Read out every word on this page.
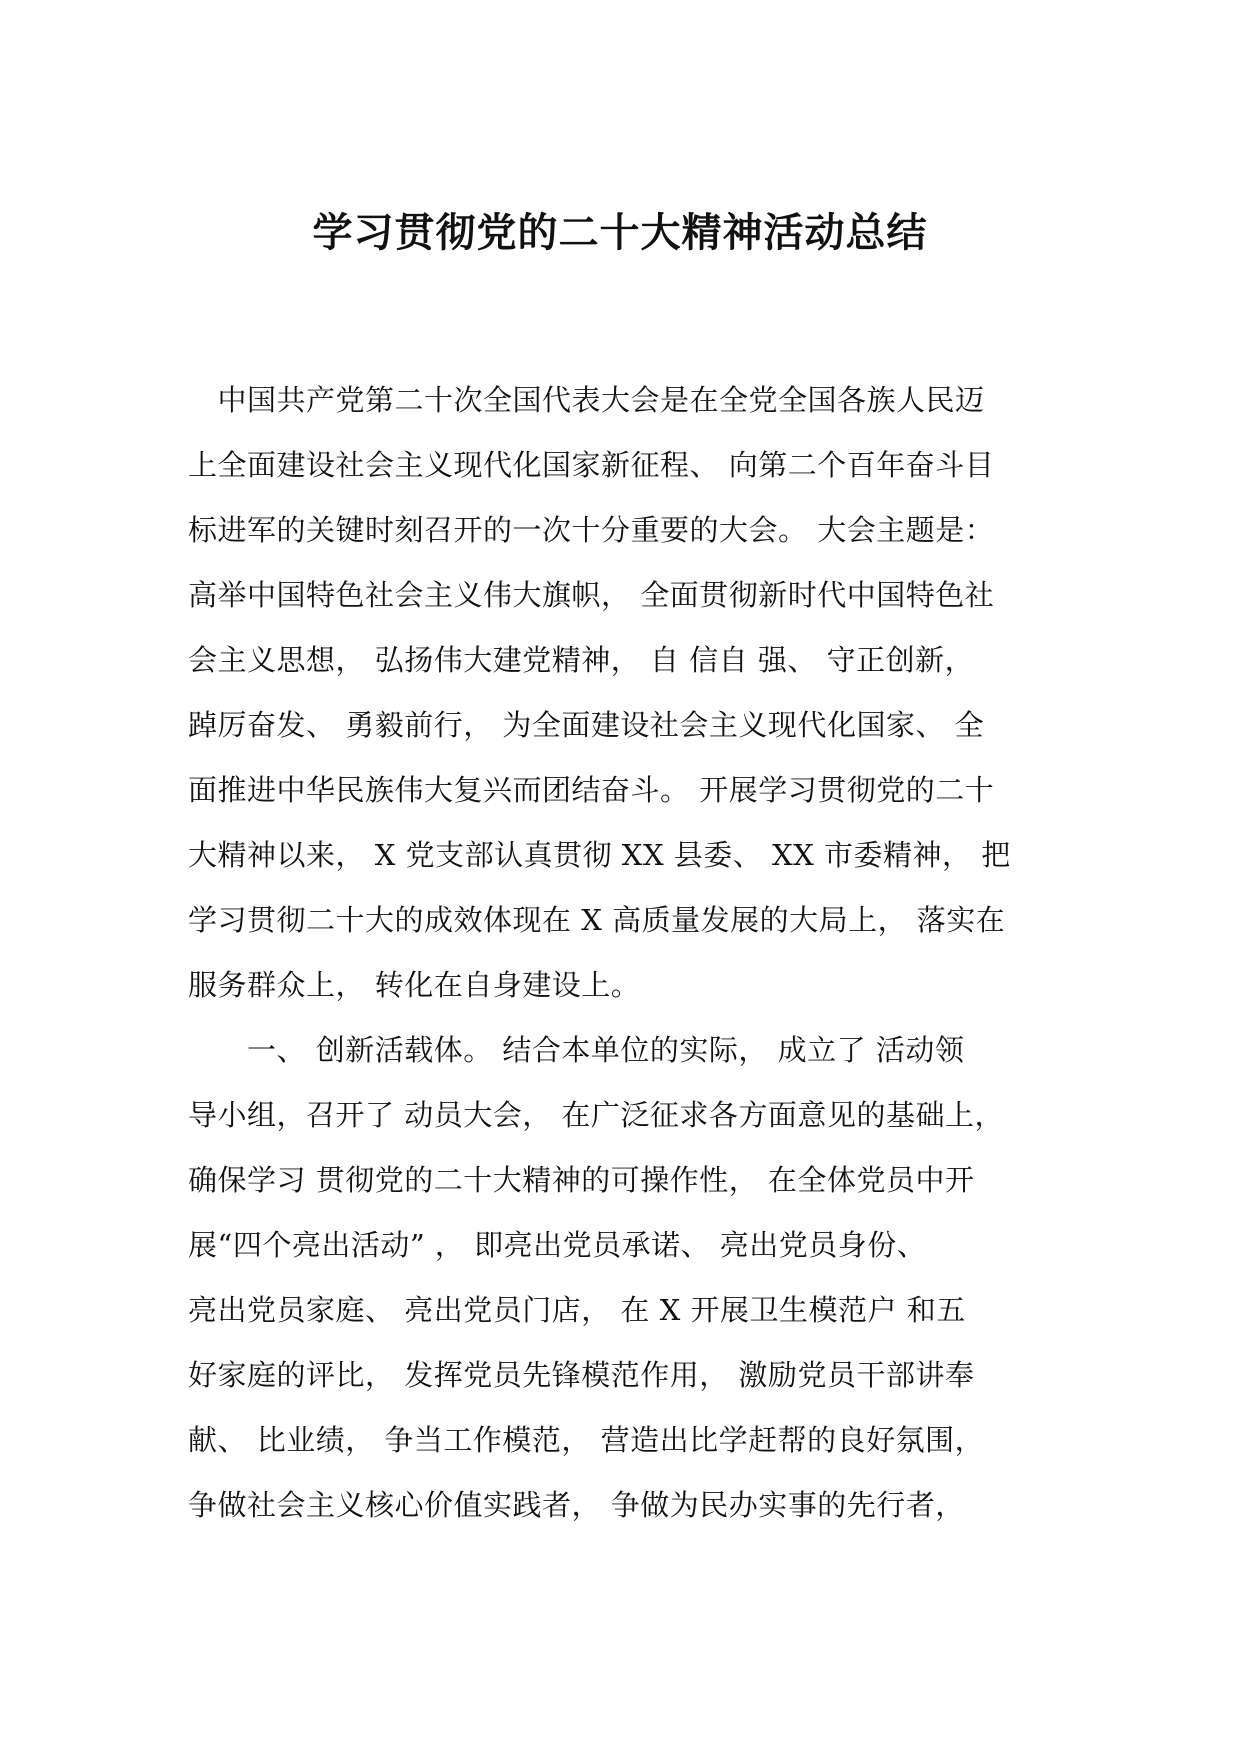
学习贯彻党的二十大精神活动总结
　中国共产党第二十次全国代表大会是在全党全国各族人民迈
上全面建设社会主义现代化国家新征程、 向第二个百年奋斗目
标进军的关键时刻召开的一次十分重要的大会。 大会主题是：
高举中国特色社会主义伟大旗帜， 全面贯彻新时代中国特色社
会主义思想， 弘扬伟大建党精神， 自 信自 强、 守正创新，
踔厉奋发、 勇毅前行， 为全面建设社会主义现代化国家、 全
面推进中华民族伟大复兴而团结奋斗。 开展学习贯彻党的二十
大精神以来， X 党支部认真贯彻 XX 县委、 XX 市委精神， 把
学习贯彻二十大的成效体现在 X 高质量发展的大局上， 落实在
服务群众上， 转化在自身建设上。
　　一、 创新活载体。 结合本单位的实际， 成立了 活动领
导小组，召开了 动员大会， 在广泛征求各方面意见的基础上，
确保学习 贯彻党的二十大精神的可操作性， 在全体党员中开
展“四个亮出活动” ， 即亮出党员承诺、 亮出党员身份、
亮出党员家庭、 亮出党员门店， 在 X 开展卫生模范户 和五
好家庭的评比， 发挥党员先锋模范作用， 激励党员干部讲奉
献、 比业绩， 争当工作模范， 营造出比学赶帮的良好氛围，
争做社会主义核心价值实践者， 争做为民办实事的先行者，
